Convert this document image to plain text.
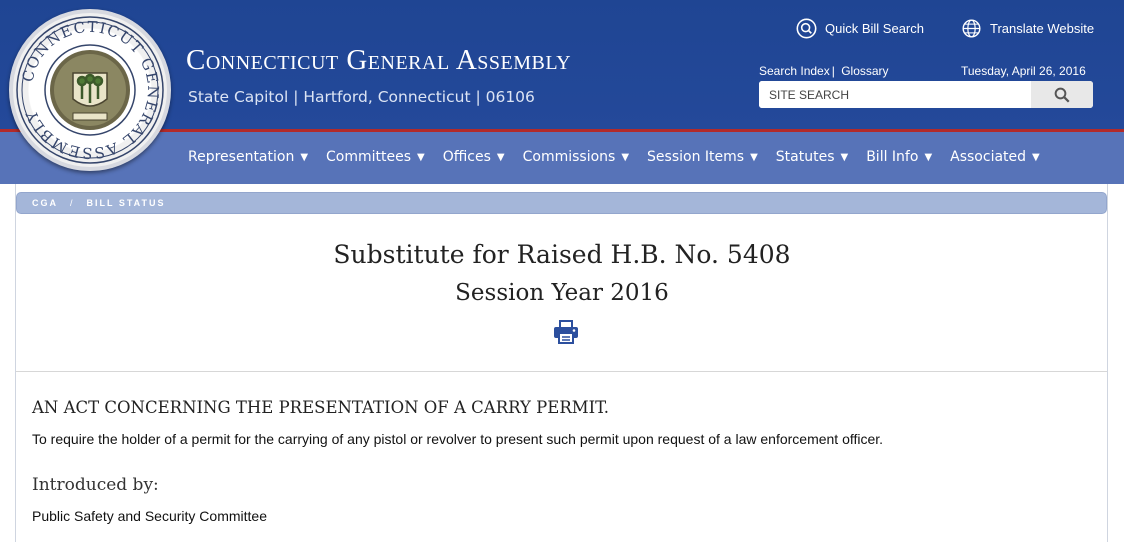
Connecticut General Assembly
State Capitol | Hartford, Connecticut | 06106
Quick Bill Search	Translate Website
Search Index | Glossary	Tuesday, April 26, 2016
SITE SEARCH
CONNECTICUT GENERAL ASSEMBLY
Representation ▼ Committees ▼ Offices ▼ Commissions ▼ Session Items ▼ Statutes ▼ Bill Info ▼ Associated ▼
CGA / BILL STATUS
Substitute for Raised H.B. No. 5408
Session Year 2016
AN ACT CONCERNING THE PRESENTATION OF A CARRY PERMIT.
To require the holder of a permit for the carrying of any pistol or revolver to present such permit upon request of a law enforcement officer.
Introduced by:
Public Safety and Security Committee
